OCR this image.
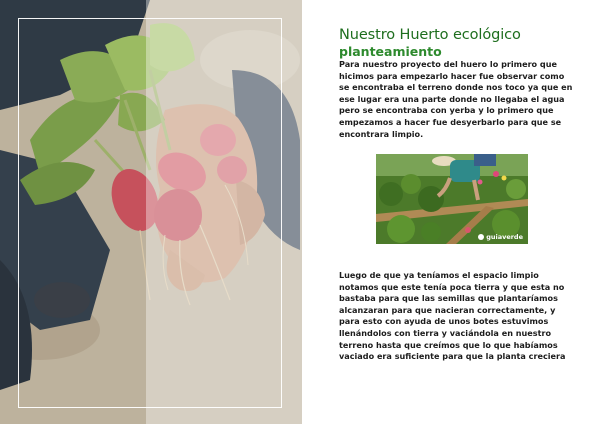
Nuestro Huerto ecológico
planteamiento

Para nuestro proyecto del huero lo primero que hicimos para empezarlo hacer fue observar como se encontraba el terreno donde nos toco ya que en ese lugar era una parte donde no llegaba el agua pero se encontraba con yerba y lo primero que empezamos a hacer fue desyerbarlo para que se encontrara limpio.

guiaverde

Luego de que ya teníamos el espacio limpio notamos que este tenía poca tierra y que esta no bastaba para que las semillas que plantaríamos alcanzaran para que nacieran correctamente, y para esto con ayuda de unos botes estuvimos llenándolos con tierra y vaciándola en nuestro terreno hasta que creímos que lo que habíamos vaciado era suficiente para que la planta creciera
